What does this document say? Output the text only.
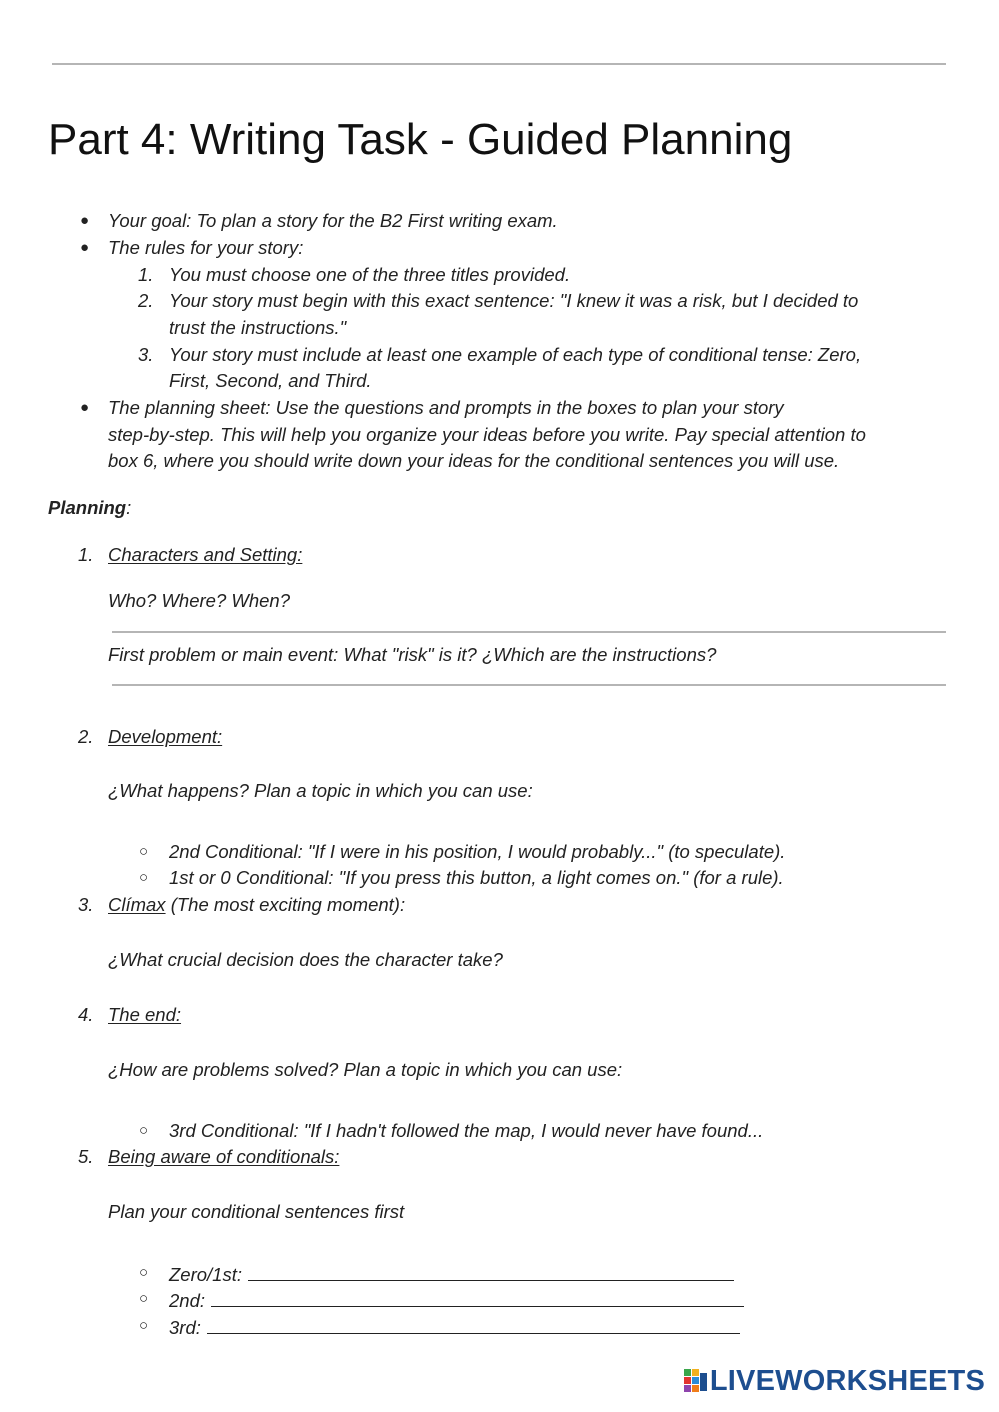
Part 4: Writing Task - Guided Planning
● Your goal: To plan a story for the B2 First writing exam.
● The rules for your story:
1. You must choose one of the three titles provided.
2. Your story must begin with this exact sentence: "I knew it was a risk, but I decided to
trust the instructions."
3. Your story must include at least one example of each type of conditional tense: Zero,
First, Second, and Third.
● The planning sheet: Use the questions and prompts in the boxes to plan your story
step-by-step. This will help you organize your ideas before you write. Pay special attention to
box 6, where you should write down your ideas for the conditional sentences you will use.
Planning:
1. Characters and Setting:
Who? Where? When?
First problem or main event: What "risk" is it? ¿Which are the instructions?
2. Development:
¿What happens? Plan a topic in which you can use:
○ 2nd Conditional: "If I were in his position, I would probably..." (to speculate).
○ 1st or 0 Conditional: "If you press this button, a light comes on." (for a rule).
3. Clímax (The most exciting moment):
¿What crucial decision does the character take?
4. The end:
¿How are problems solved? Plan a topic in which you can use:
○ 3rd Conditional: "If I hadn't followed the map, I would never have found...
5. Being aware of conditionals:
Plan your conditional sentences first
○ Zero/1st:
○ 2nd:
○ 3rd:
LIVEWORKSHEETS
